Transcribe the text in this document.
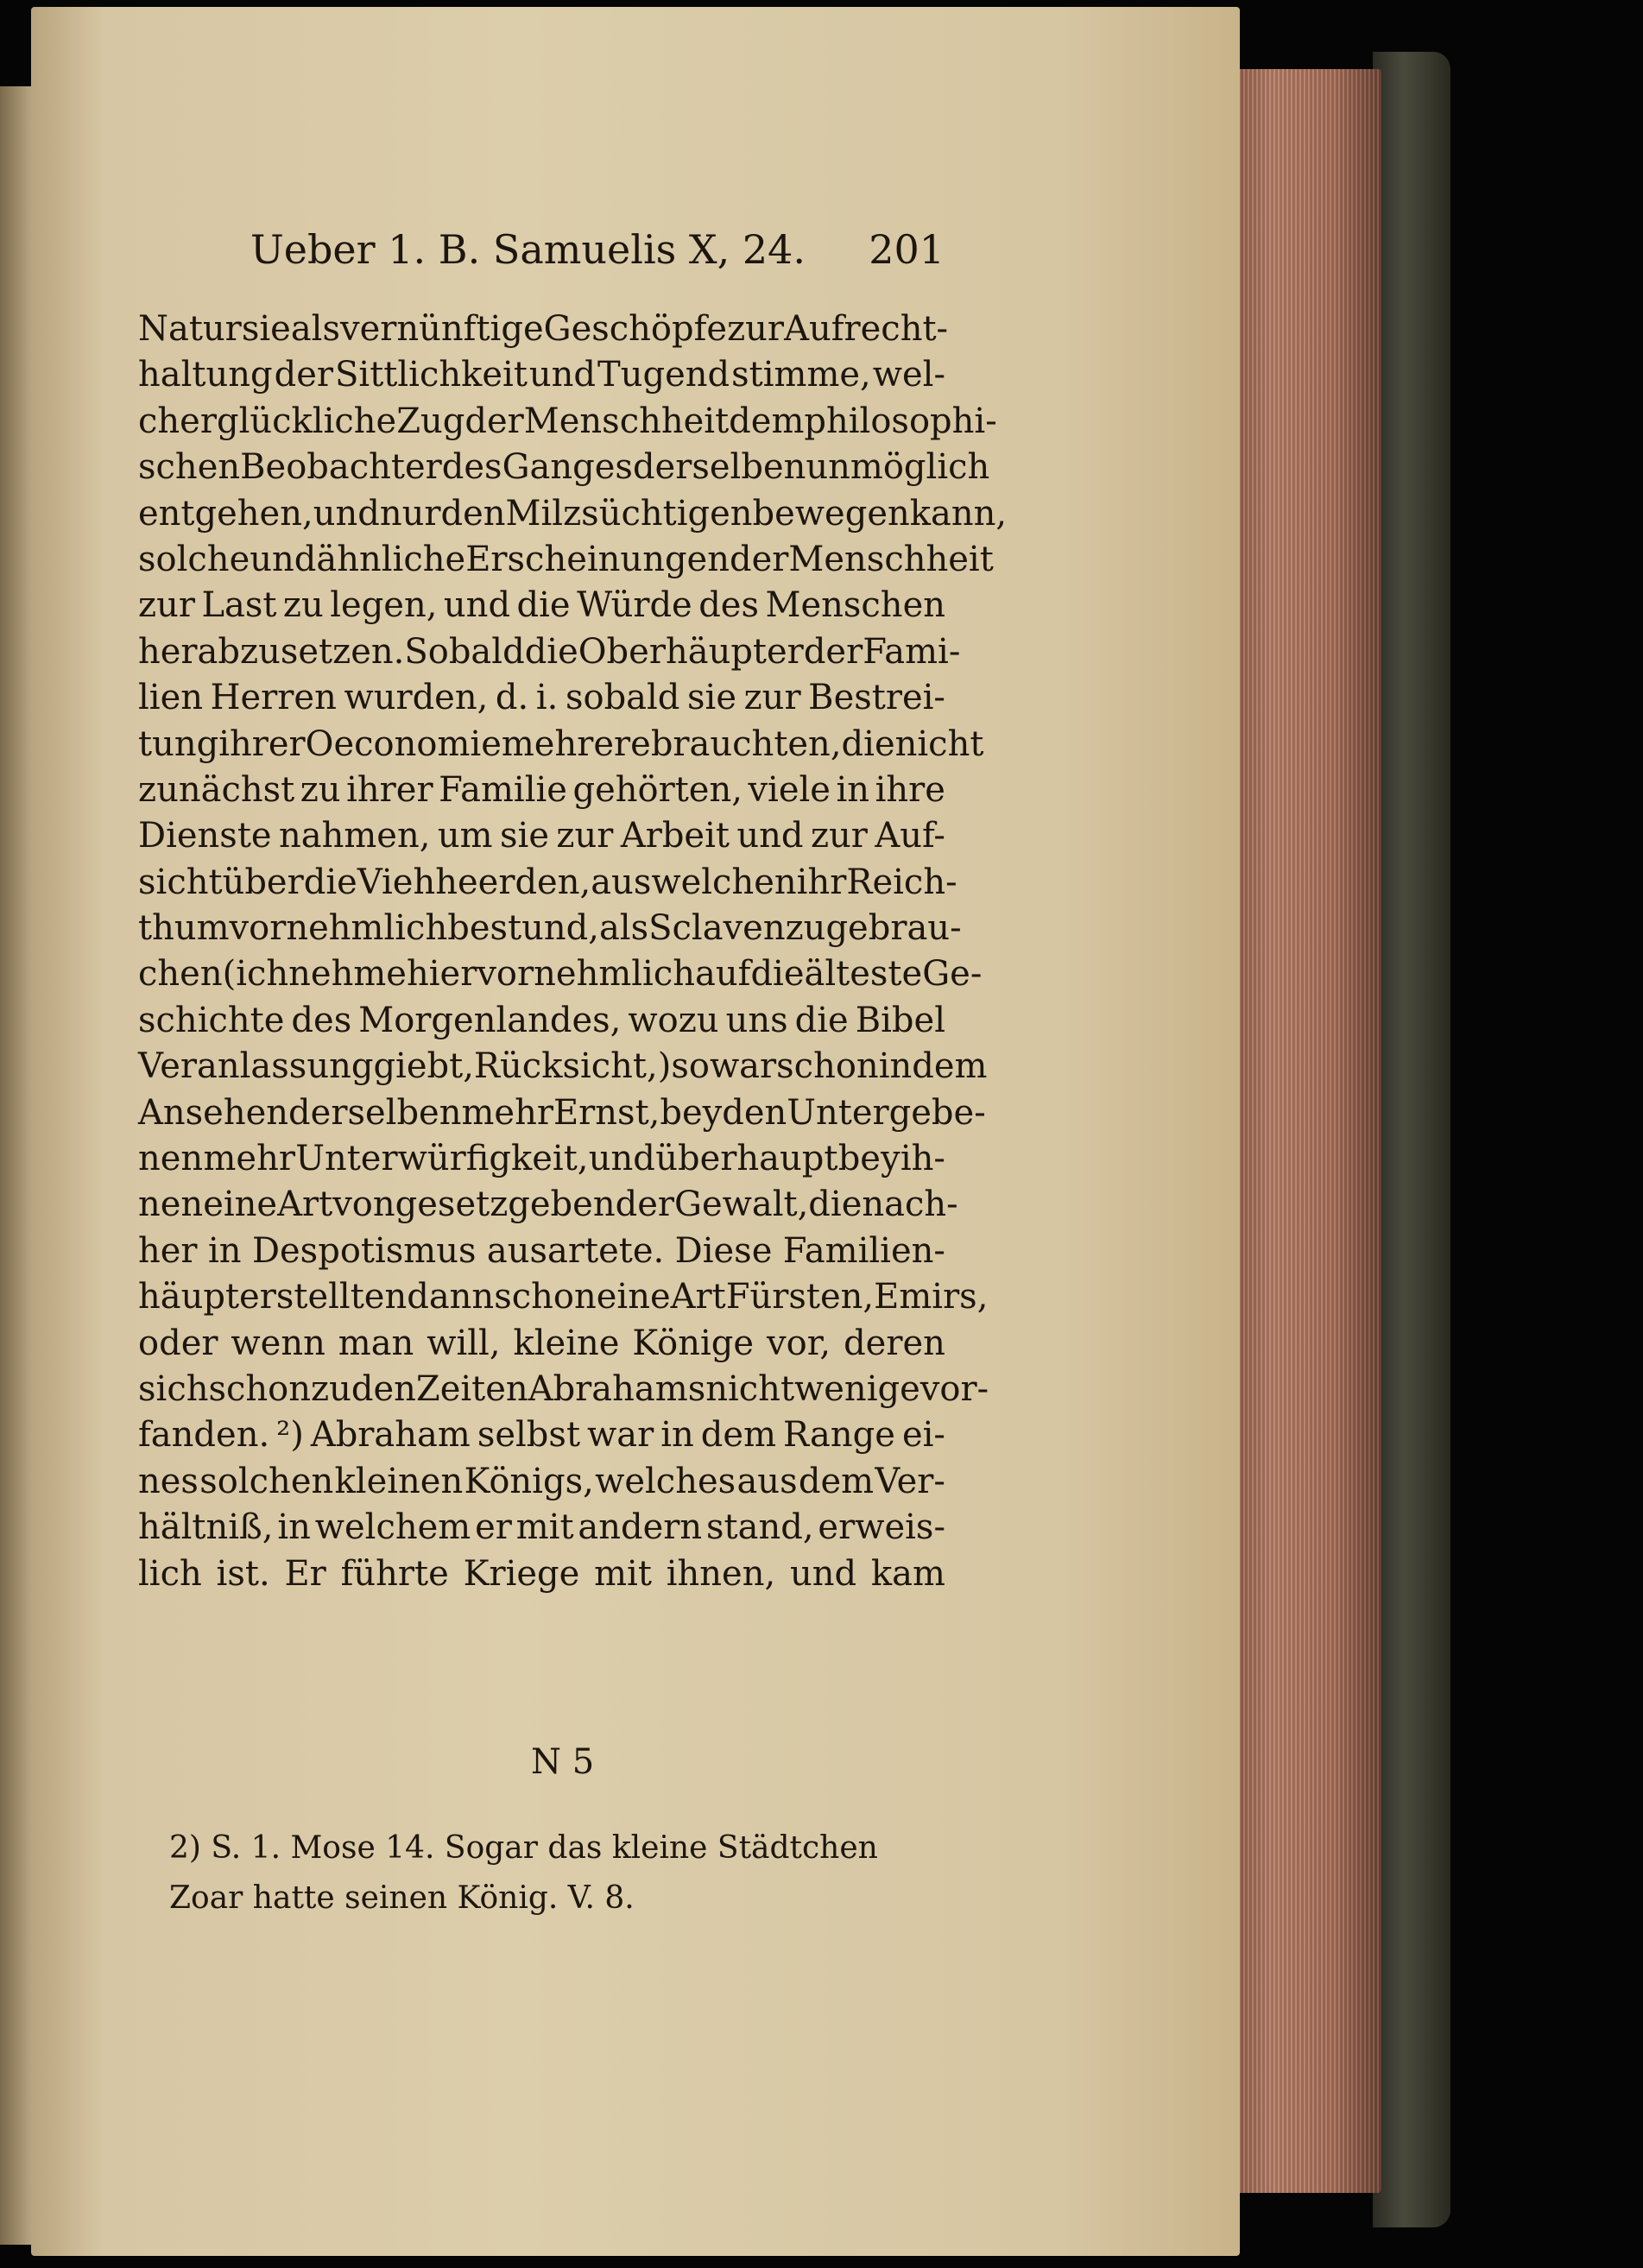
Ueber 1. B. Samuelis X, 24.	201
Natur sie als vernünftige Geschöpfe zur Aufrecht-
haltung der Sittlichkeit und Tugend stimme, wel-
cher glückliche Zug der Menschheit dem philosophi-
schen Beobachter des Ganges derselben unmöglich
entgehen, und nur den Milzsüchtigen bewegen kann,
solche und ähnliche Erscheinungen der Menschheit
zur Last zu legen, und die Würde des Menschen
herabzusetzen. Sobald die Oberhäupter der Fami-
lien Herren wurden, d. i. sobald sie zur Bestrei-
tung ihrer Oeconomie mehrere brauchten, die nicht
zunächst zu ihrer Familie gehörten, viele in ihre
Dienste nahmen, um sie zur Arbeit und zur Auf-
sicht über die Viehheerden, aus welchen ihr Reich-
thum vornehmlich bestund, als Sclaven zu gebrau-
chen (ich nehme hier vornehmlich auf die älteste Ge-
schichte des Morgenlandes, wozu uns die Bibel
Veranlassung giebt, Rücksicht,) so war schon in dem
Ansehen derselben mehr Ernst, bey den Untergebe-
nen mehr Unterwürfigkeit, und überhaupt bey ih-
nen eine Art von gesetzgebender Gewalt, die nach-
her in Despotismus ausartete. Diese Familien-
häupter stellten dann schon eine Art Fürsten, Emirs,
oder wenn man will, kleine Könige vor, deren
sich schon zu den Zeiten Abrahams nicht wenige vor-
fanden. ²) Abraham selbst war in dem Range ei-
nes solchen kleinen Königs, welches aus dem Ver-
hältniß, in welchem er mit andern stand, erweis-
lich ist. Er führte Kriege mit ihnen, und kam
N 5
2) S. 1. Mose 14. Sogar das kleine Städtchen
Zoar hatte seinen König. V. 8.
